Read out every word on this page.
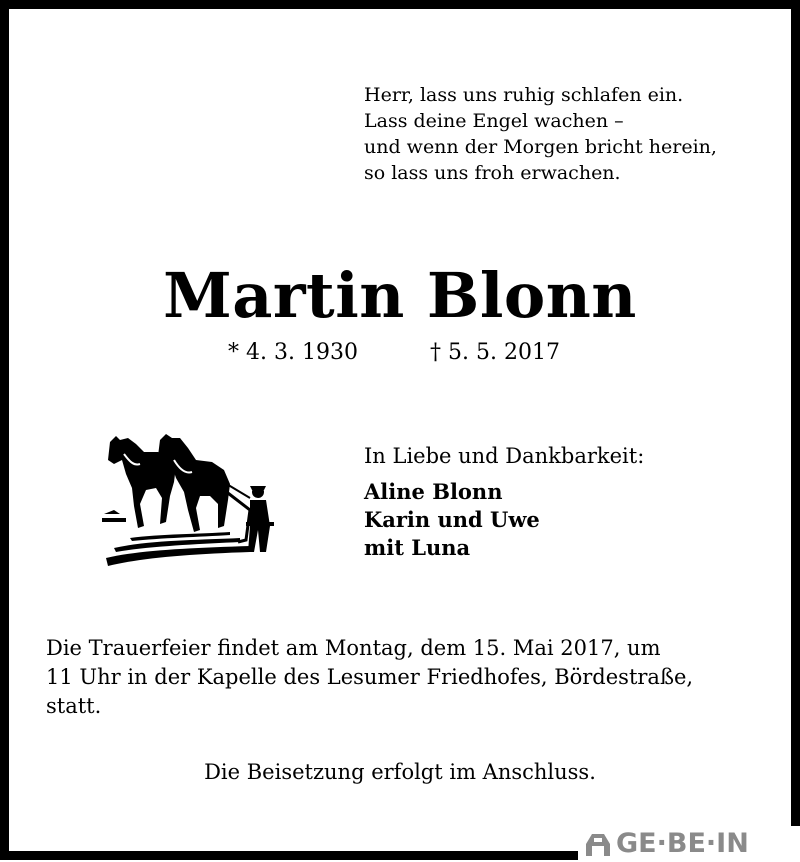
Herr, lass uns ruhig schlafen ein.
Lass deine Engel wachen –
und wenn der Morgen bricht herein,
so lass uns froh erwachen.
Martin Blonn
* 4. 3. 1930	† 5. 5. 2017
In Liebe und Dankbarkeit:
Aline Blonn
Karin und Uwe
mit Luna
Die Trauerfeier findet am Montag, dem 15. Mai 2017, um
11 Uhr in der Kapelle des Lesumer Friedhofes, Bördestraße,
statt.
Die Beisetzung erfolgt im Anschluss.
GE·BE·IN
